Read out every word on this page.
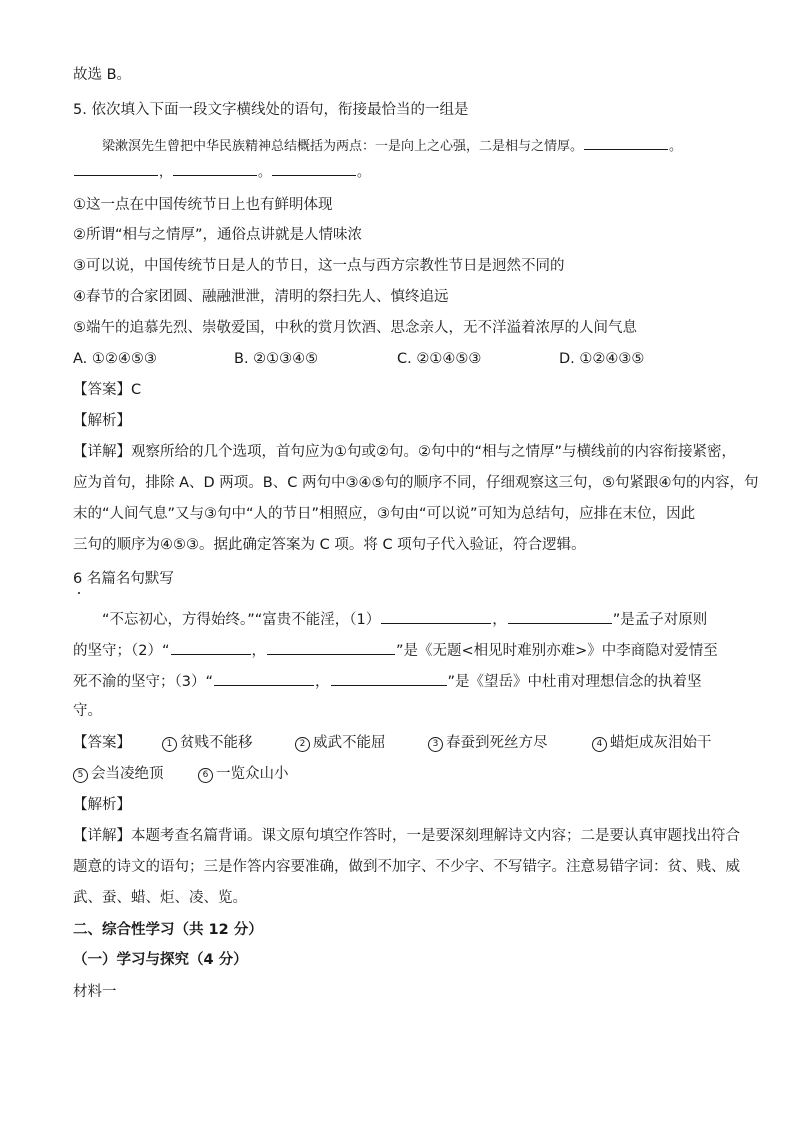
故选 B。
5. 依次填入下面一段文字横线处的语句，衔接最恰当的一组是
梁漱溟先生曾把中华民族精神总结概括为两点：一是向上之心强，二是相与之情厚。	。
，	。	。
①这一点在中国传统节日上也有鲜明体现
②所谓“相与之情厚”，通俗点讲就是人情味浓
③可以说，中国传统节日是人的节日，这一点与西方宗教性节日是迥然不同的
④春节的合家团圆、融融泄泄，清明的祭扫先人、慎终追远
⑤端午的追慕先烈、崇敬爱国，中秋的赏月饮酒、思念亲人，无不洋溢着浓厚的人间气息
A. ①②④⑤③	B. ②①③④⑤	C. ②①④⑤③	D. ①②④③⑤
【答案】C
【解析】
【详解】观察所给的几个选项，首句应为①句或②句。②句中的“相与之情厚”与横线前的内容衔接紧密，
应为首句，排除 A、D 两项。B、C 两句中③④⑤句的顺序不同，仔细观察这三句，⑤句紧跟④句的内容，句
末的“人间气息”又与③句中“人的节日”相照应，③句由“可以说”可知为总结句，应排在末位，因此
三句的顺序为④⑤③。据此确定答案为 C 项。将 C 项句子代入验证，符合逻辑。
6 名篇名句默写
“不忘初心，方得始终。”“富贵不能淫，（1）	，	”是孟子对原则
的坚守；（2）“	，	”是《无题<相见时难别亦难>》中李商隐对爱情至
死不渝的坚守；（3）“	，	”是《望岳》中杜甫对理想信念的执着坚
守。
【答案】	1 贫贱不能移	2 威武不能屈	3 春蚕到死丝方尽	4 蜡炬成灰泪始干
5 会当凌绝顶	6 一览众山小
【解析】
【详解】本题考查名篇背诵。课文原句填空作答时，一是要深刻理解诗文内容；二是要认真审题找出符合
题意的诗文的语句；三是作答内容要准确，做到不加字、不少字、不写错字。注意易错字词：贫、贱、威
武、蚕、蜡、炬、凌、览。
二、综合性学习（共 12 分）
（一）学习与探究（4 分）
材料一
